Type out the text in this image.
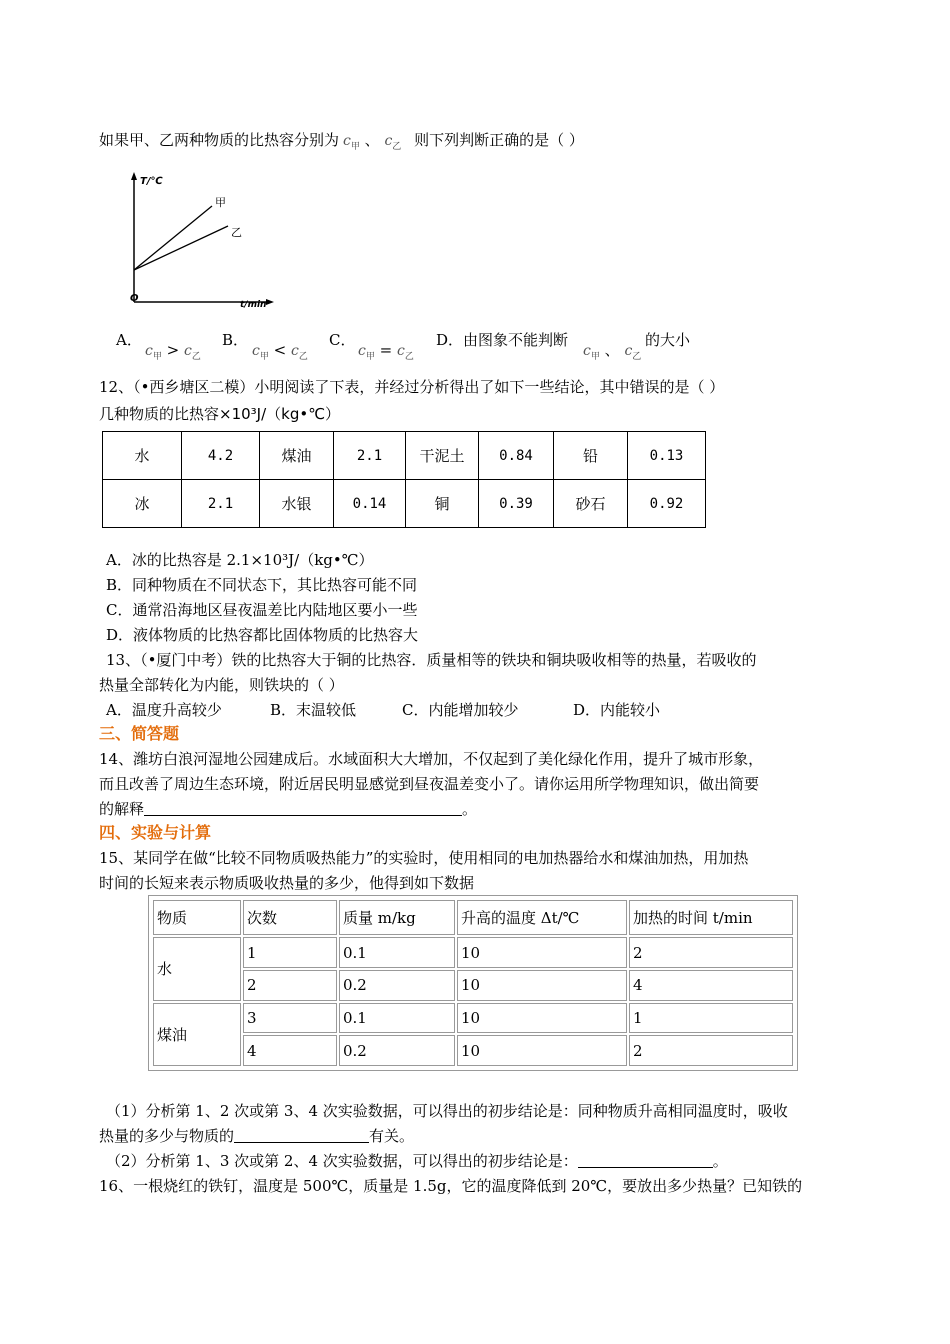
如果甲、乙两种物质的比热容分别为 $c_甲$ 、 $c_乙$ 则下列判断正确的是（ ）
T/℃
t/min
O
甲
乙
A．
$c_甲 > c_乙$
B．
$c_甲 < c_乙$
C．
$c_甲 = c_乙$
D．由图象不能判断
$c_甲$ 、 $c_乙$
的大小
12、（•西乡塘区二模）小明阅读了下表，并经过分析得出了如下一些结论，其中错误的是（ ）
几种物质的比热容×10³J/（kg•℃）
水	4.2	煤油	2.1	干泥土	0.84	铅	0.13
冰	2.1	水银	0.14	铜	0.39	砂石	0.92
A．冰的比热容是 2.1×10³J/（kg•℃）
B．同种物质在不同状态下，其比热容可能不同
C．通常沿海地区昼夜温差比内陆地区要小一些
D．液体物质的比热容都比固体物质的比热容大
13、（•厦门中考）铁的比热容大于铜的比热容．质量相等的铁块和铜块吸收相等的热量，若吸收的
热量全部转化为内能，则铁块的（ ）
A．温度升高较少	B．末温较低	C．内能增加较少	D．内能较小
三、简答题
14、潍坊白浪河湿地公园建成后。水域面积大大增加，不仅起到了美化绿化作用，提升了城市形象，
而且改善了周边生态环境，附近居民明显感觉到昼夜温差变小了。请你运用所学物理知识，做出简要
的解释	。
四、实验与计算
15、某同学在做“比较不同物质吸热能力”的实验时，使用相同的电加热器给水和煤油加热，用加热
时间的长短来表示物质吸收热量的多少，他得到如下数据
物质	次数	质量 m/kg	升高的温度 Δt/℃	加热的时间 t/min
水	1	0.1	10	2
	2	0.2	10	4
煤油	3	0.1	10	1
	4	0.2	10	2
（1）分析第 1、2 次或第 3、4 次实验数据，可以得出的初步结论是：同种物质升高相同温度时，吸收
热量的多少与物质的	有关。
（2）分析第 1、3 次或第 2、4 次实验数据，可以得出的初步结论是：	。
16、一根烧红的铁钉，温度是 500℃，质量是 1.5g，它的温度降低到 20℃，要放出多少热量？已知铁的
